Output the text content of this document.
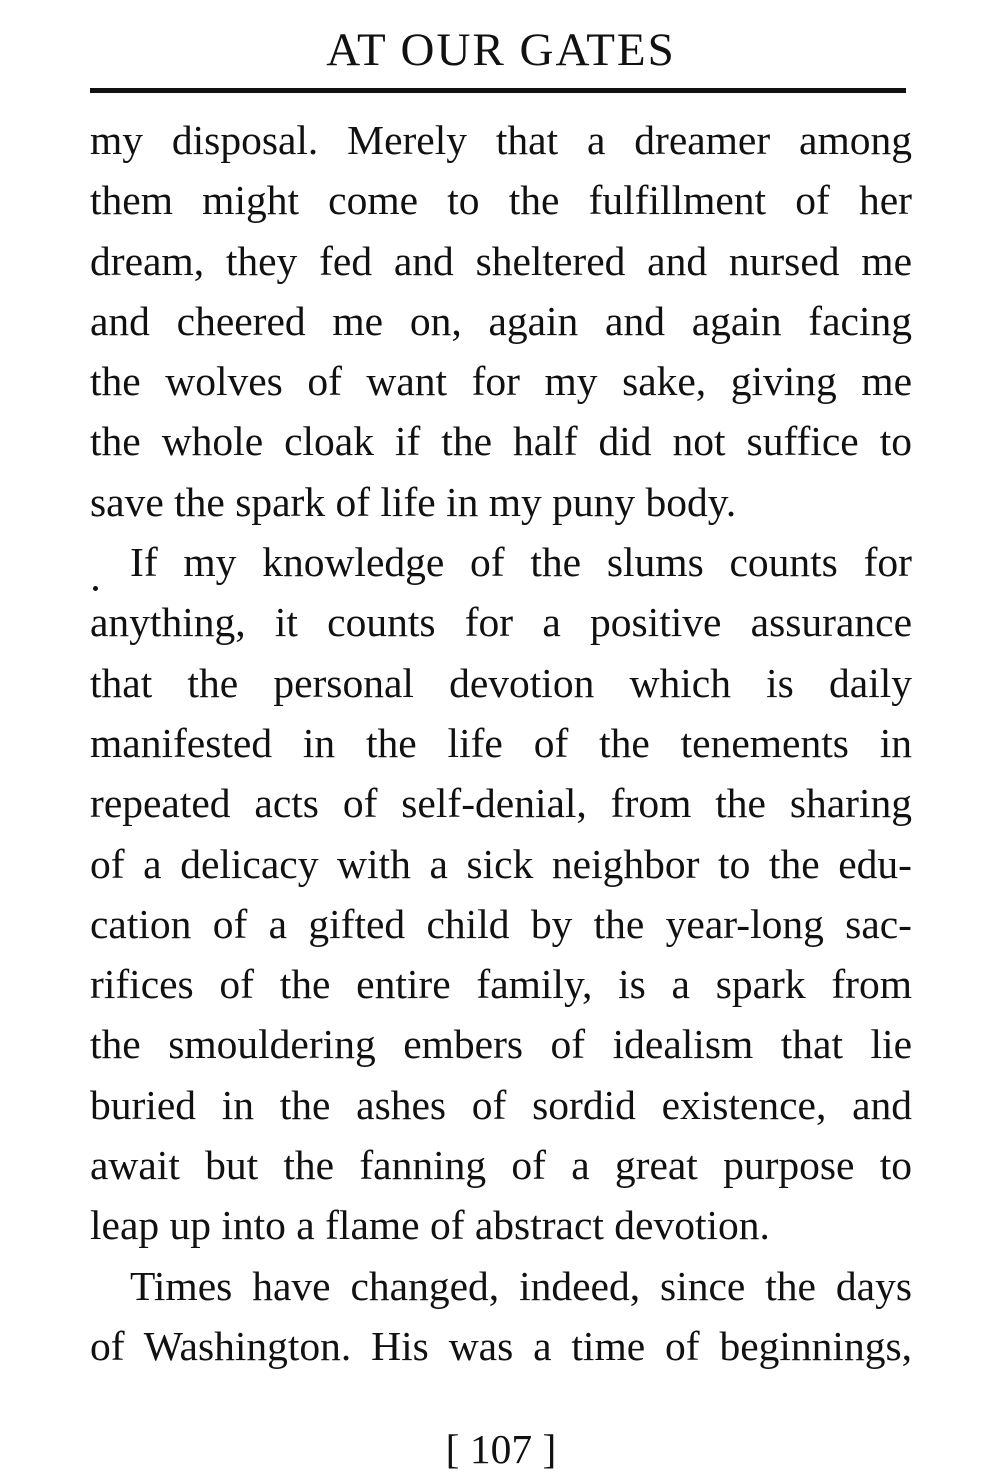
AT OUR GATES
my disposal. Merely that a dreamer among
them might come to the fulfillment of her
dream, they fed and sheltered and nursed me
and cheered me on, again and again facing
the wolves of want for my sake, giving me
the whole cloak if the half did not suffice to
save the spark of life in my puny body.
If my knowledge of the slums counts for
anything, it counts for a positive assurance
that the personal devotion which is daily
manifested in the life of the tenements in
repeated acts of self-denial, from the sharing
of a delicacy with a sick neighbor to the edu-
cation of a gifted child by the year-long sac-
rifices of the entire family, is a spark from
the smouldering embers of idealism that lie
buried in the ashes of sordid existence, and
await but the fanning of a great purpose to
leap up into a flame of abstract devotion.
Times have changed, indeed, since the days
of Washington. His was a time of beginnings,
[ 107 ]
